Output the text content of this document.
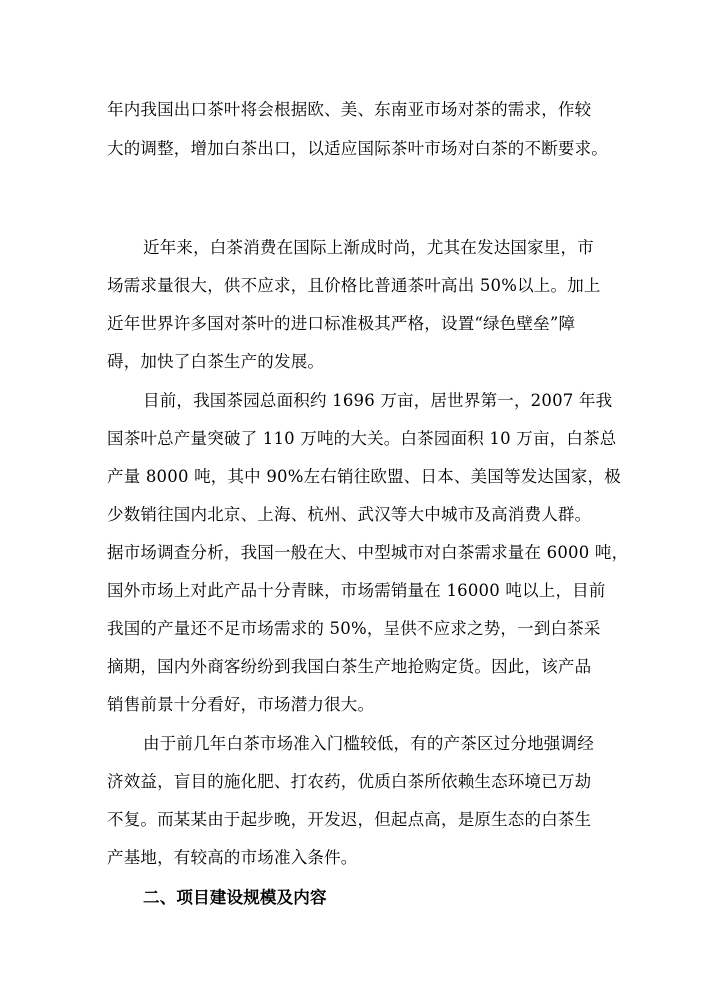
年内我国出口茶叶将会根据欧、美、东南亚市场对茶的需求，作较
大的调整，增加白茶出口，以适应国际茶叶市场对白茶的不断要求。
近年来，白茶消费在国际上渐成时尚，尤其在发达国家里，市
场需求量很大，供不应求，且价格比普通茶叶高出 50%以上。加上
近年世界许多国对茶叶的进口标准极其严格，设置“绿色壁垒”障
碍，加快了白茶生产的发展。
目前，我国茶园总面积约 1696 万亩，居世界第一，2007 年我
国茶叶总产量突破了 110 万吨的大关。白茶园面积 10 万亩，白茶总
产量 8000 吨，其中 90%左右销往欧盟、日本、美国等发达国家，极
少数销往国内北京、上海、杭州、武汉等大中城市及高消费人群。
据市场调查分析，我国一般在大、中型城市对白茶需求量在 6000 吨，
国外市场上对此产品十分青睐，市场需销量在 16000 吨以上，目前
我国的产量还不足市场需求的 50%，呈供不应求之势，一到白茶采
摘期，国内外商客纷纷到我国白茶生产地抢购定货。因此，该产品
销售前景十分看好，市场潜力很大。
由于前几年白茶市场准入门槛较低，有的产茶区过分地强调经
济效益，盲目的施化肥、打农药，优质白茶所依赖生态环境已万劫
不复。而某某由于起步晚，开发迟，但起点高，是原生态的白茶生
产基地，有较高的市场准入条件。
二、项目建设规模及内容
